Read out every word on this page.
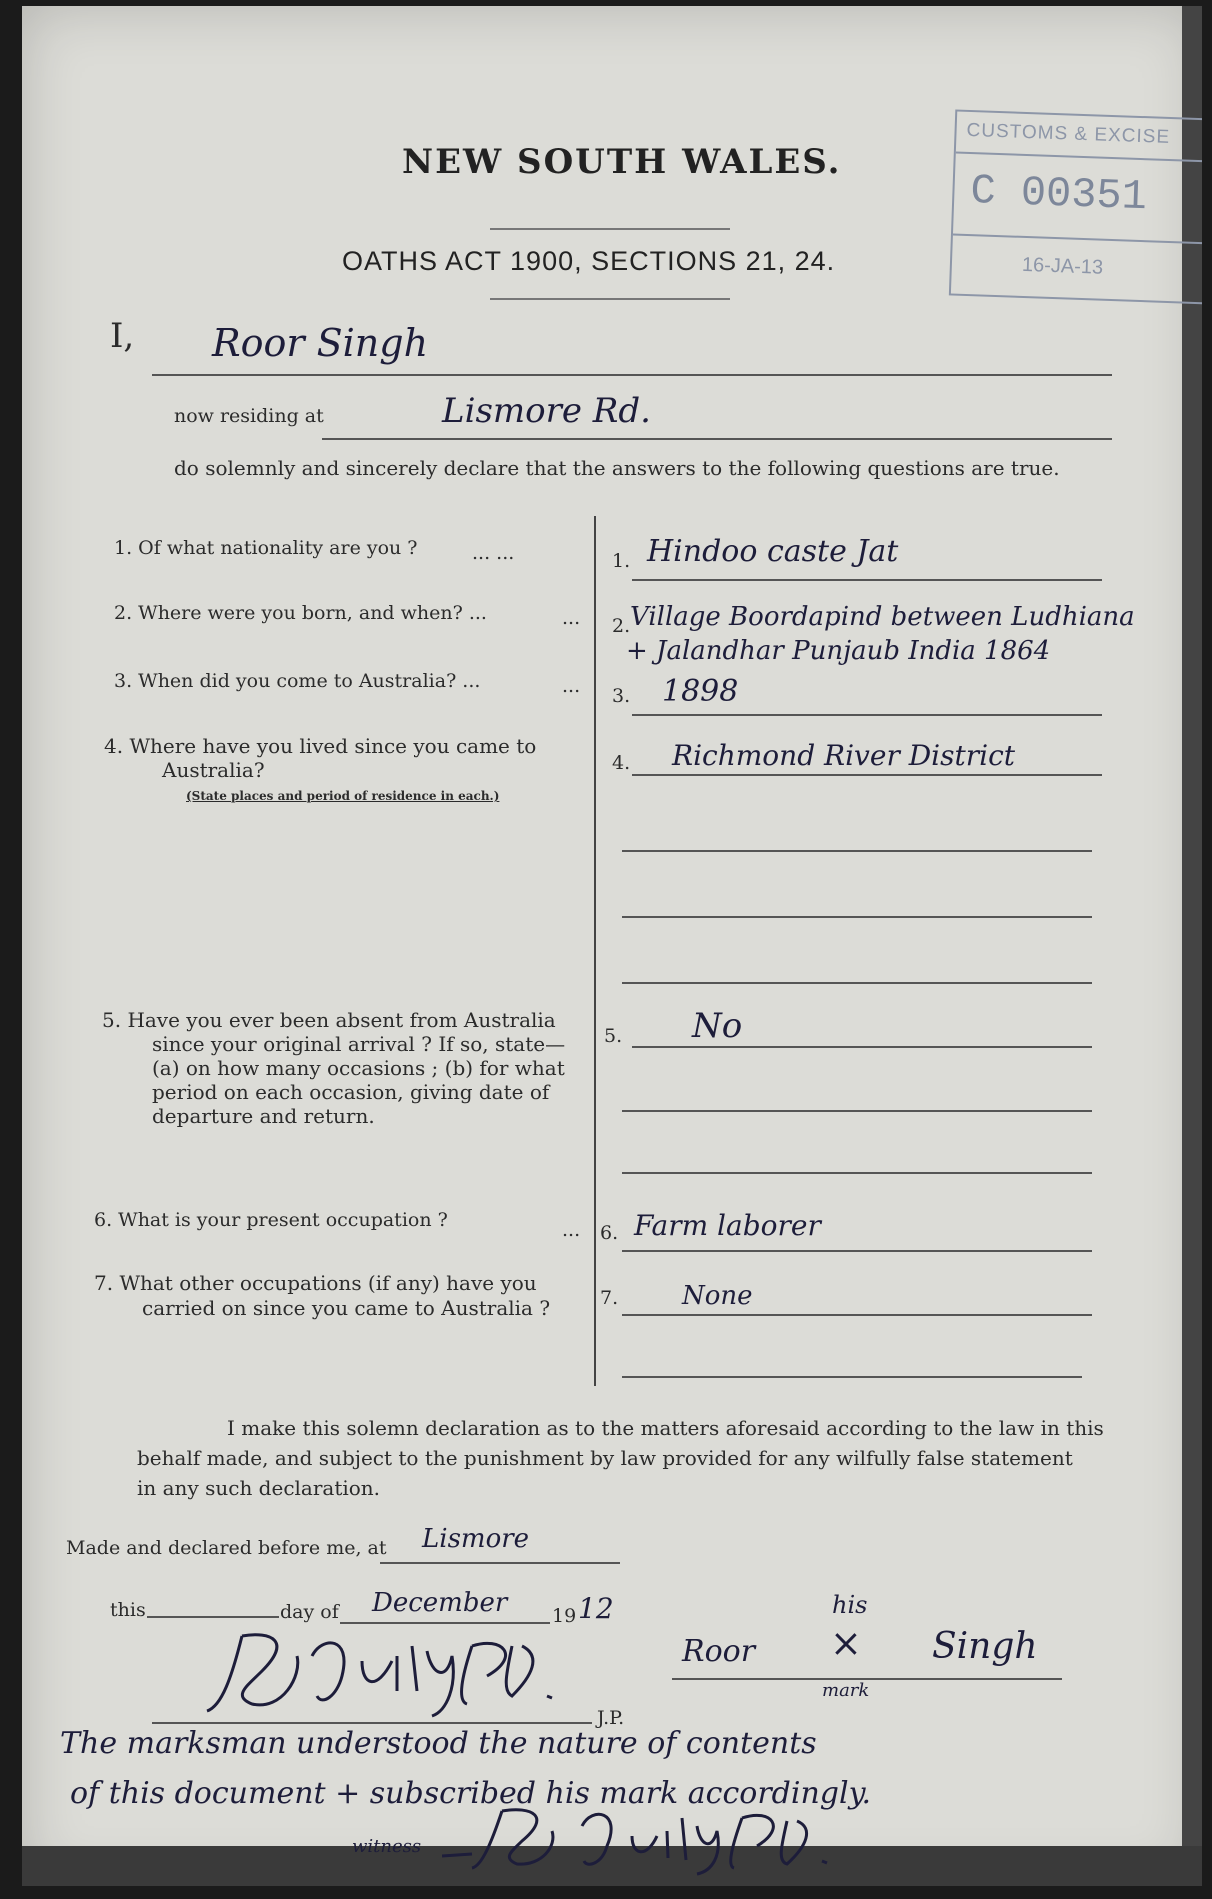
NEW SOUTH WALES.
OATHS ACT 1900, SECTIONS 21, 24.
CUSTOMS & EXCISE
C 00351
16-JA-13
I, Roor Singh
now residing at	Lismore Rd.
do solemnly and sincerely declare that the answers to the following questions are true.
1. Of what nationality are you ?	... ...	1. Hindoo caste Jat
2. Where were you born, and when? ...	... 2. Village Boordapind between Ludhiana
+ Jalandhar Punjaub India 1864
3. When did you come to Australia? ...	... 3. 1898
4. Where have you lived since you came to
Australia?
(State places and period of residence in each.)
4. Richmond River District
5. Have you ever been absent from Australia
since your original arrival ? If so, state—
(a) on how many occasions ; (b) for what
period on each occasion, giving date of
departure and return.
5. No
6. What is your present occupation ?	... 6. Farm laborer
7. What other occupations (if any) have you
carried on since you came to Australia ?	7. None
I make this solemn declaration as to the matters aforesaid according to the law in this
behalf made, and subject to the punishment by law provided for any wilfully false statement
in any such declaration.
Made and declared before me, at Lismore
this	day of December 19 12	his
Roor × Singh
mark
J.P.
The marksman understood the nature of contents
of this document + subscribed his mark accordingly.
witness
